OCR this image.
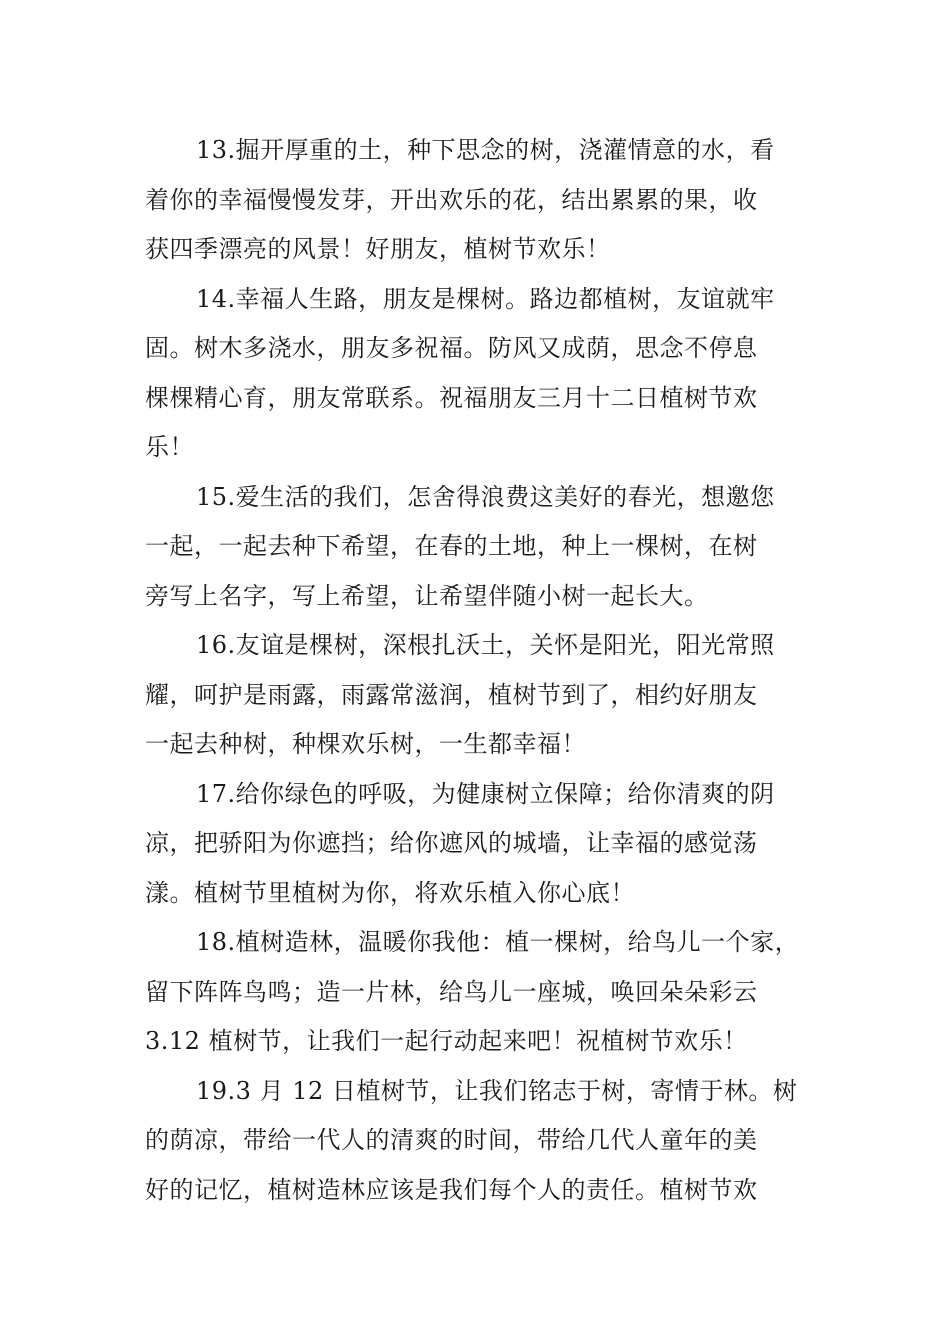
13.掘开厚重的土，种下思念的树，浇灌情意的水，看
着你的幸福慢慢发芽，开出欢乐的花，结出累累的果，收
获四季漂亮的风景！好朋友，植树节欢乐！
14.幸福人生路，朋友是棵树。路边都植树，友谊就牢
固。树木多浇水，朋友多祝福。防风又成荫，思念不停息
棵棵精心育，朋友常联系。祝福朋友三月十二日植树节欢
乐！
15.爱生活的我们，怎舍得浪费这美好的春光，想邀您
一起，一起去种下希望，在春的土地，种上一棵树，在树
旁写上名字，写上希望，让希望伴随小树一起长大。
16.友谊是棵树，深根扎沃土，关怀是阳光，阳光常照
耀，呵护是雨露，雨露常滋润，植树节到了，相约好朋友
一起去种树，种棵欢乐树，一生都幸福！
17.给你绿色的呼吸，为健康树立保障；给你清爽的阴
凉，把骄阳为你遮挡；给你遮风的城墙，让幸福的感觉荡
漾。植树节里植树为你，将欢乐植入你心底！
18.植树造林，温暖你我他：植一棵树，给鸟儿一个家，
留下阵阵鸟鸣；造一片林，给鸟儿一座城，唤回朵朵彩云
3.12 植树节，让我们一起行动起来吧！祝植树节欢乐！
19.3 月 12 日植树节，让我们铭志于树，寄情于林。树
的荫凉，带给一代人的清爽的时间，带给几代人童年的美
好的记忆，植树造林应该是我们每个人的责任。植树节欢
